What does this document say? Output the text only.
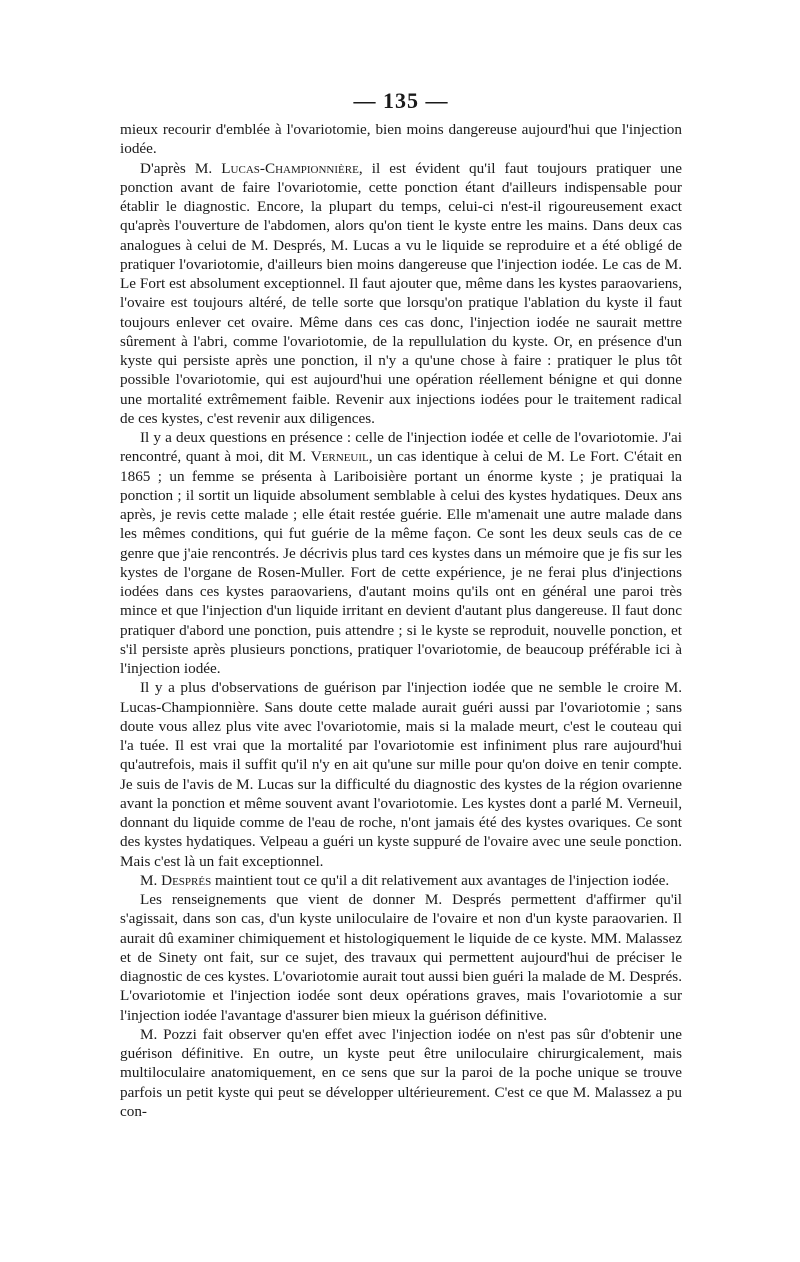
— 135 —

mieux recourir d'emblée à l'ovariotomie, bien moins dangereuse aujourd'hui que l'injection iodée.

D'après M. Lucas-Championnière, il est évident qu'il faut toujours pratiquer une ponction avant de faire l'ovariotomie, cette ponction étant d'ailleurs indispensable pour établir le diagnostic. Encore, la plupart du temps, celui-ci n'est-il rigoureusement exact qu'après l'ouverture de l'abdomen, alors qu'on tient le kyste entre les mains. Dans deux cas analogues à celui de M. Després, M. Lucas a vu le liquide se reproduire et a été obligé de pratiquer l'ovariotomie, d'ailleurs bien moins dangereuse que l'injection iodée. Le cas de M. Le Fort est absolument exceptionnel. Il faut ajouter que, même dans les kystes paraovariens, l'ovaire est toujours altéré, de telle sorte que lorsqu'on pratique l'ablation du kyste il faut toujours enlever cet ovaire. Même dans ces cas donc, l'injection iodée ne saurait mettre sûrement à l'abri, comme l'ovariotomie, de la repullulation du kyste. Or, en présence d'un kyste qui persiste après une ponction, il n'y a qu'une chose à faire : pratiquer le plus tôt possible l'ovariotomie, qui est aujourd'hui une opération réellement bénigne et qui donne une mortalité extrêmement faible. Revenir aux injections iodées pour le traitement radical de ces kystes, c'est revenir aux diligences.

Il y a deux questions en présence : celle de l'injection iodée et celle de l'ovariotomie. J'ai rencontré, quant à moi, dit M. Verneuil, un cas identique à celui de M. Le Fort. C'était en 1865 ; un femme se présenta à Lariboisière portant un énorme kyste ; je pratiquai la ponction ; il sortit un liquide absolument semblable à celui des kystes hydatiques. Deux ans après, je revis cette malade ; elle était restée guérie. Elle m'amenait une autre malade dans les mêmes conditions, qui fut guérie de la même façon. Ce sont les deux seuls cas de ce genre que j'aie rencontrés. Je décrivis plus tard ces kystes dans un mémoire que je fis sur les kystes de l'organe de Rosen-Muller. Fort de cette expérience, je ne ferai plus d'injections iodées dans ces kystes paraovariens, d'autant moins qu'ils ont en général une paroi très mince et que l'injection d'un liquide irritant en devient d'autant plus dangereuse. Il faut donc pratiquer d'abord une ponction, puis attendre ; si le kyste se reproduit, nouvelle ponction, et s'il persiste après plusieurs ponctions, pratiquer l'ovariotomie, de beaucoup préférable ici à l'injection iodée.

Il y a plus d'observations de guérison par l'injection iodée que ne semble le croire M. Lucas-Championnière. Sans doute cette malade aurait guéri aussi par l'ovariotomie ; sans doute vous allez plus vite avec l'ovariotomie, mais si la malade meurt, c'est le couteau qui l'a tuée. Il est vrai que la mortalité par l'ovariotomie est infiniment plus rare aujourd'hui qu'autrefois, mais il suffit qu'il n'y en ait qu'une sur mille pour qu'on doive en tenir compte. Je suis de l'avis de M. Lucas sur la difficulté du diagnostic des kystes de la région ovarienne avant la ponction et même souvent avant l'ovariotomie. Les kystes dont a parlé M. Verneuil, donnant du liquide comme de l'eau de roche, n'ont jamais été des kystes ovariques. Ce sont des kystes hydatiques. Velpeau a guéri un kyste suppuré de l'ovaire avec une seule ponction. Mais c'est là un fait exceptionnel.

M. Després maintient tout ce qu'il a dit relativement aux avantages de l'injection iodée.

Les renseignements que vient de donner M. Després permettent d'affirmer qu'il s'agissait, dans son cas, d'un kyste uniloculaire de l'ovaire et non d'un kyste paraovarien. Il aurait dû examiner chimiquement et histologiquement le liquide de ce kyste. MM. Malassez et de Sinety ont fait, sur ce sujet, des travaux qui permettent aujourd'hui de préciser le diagnostic de ces kystes. L'ovariotomie aurait tout aussi bien guéri la malade de M. Després. L'ovariotomie et l'injection iodée sont deux opérations graves, mais l'ovariotomie a sur l'injection iodée l'avantage d'assurer bien mieux la guérison définitive.

M. Pozzi fait observer qu'en effet avec l'injection iodée on n'est pas sûr d'obtenir une guérison définitive. En outre, un kyste peut être uniloculaire chirurgicalement, mais multiloculaire anatomiquement, en ce sens que sur la paroi de la poche unique se trouve parfois un petit kyste qui peut se développer ultérieurement. C'est ce que M. Malassez a pu con-
